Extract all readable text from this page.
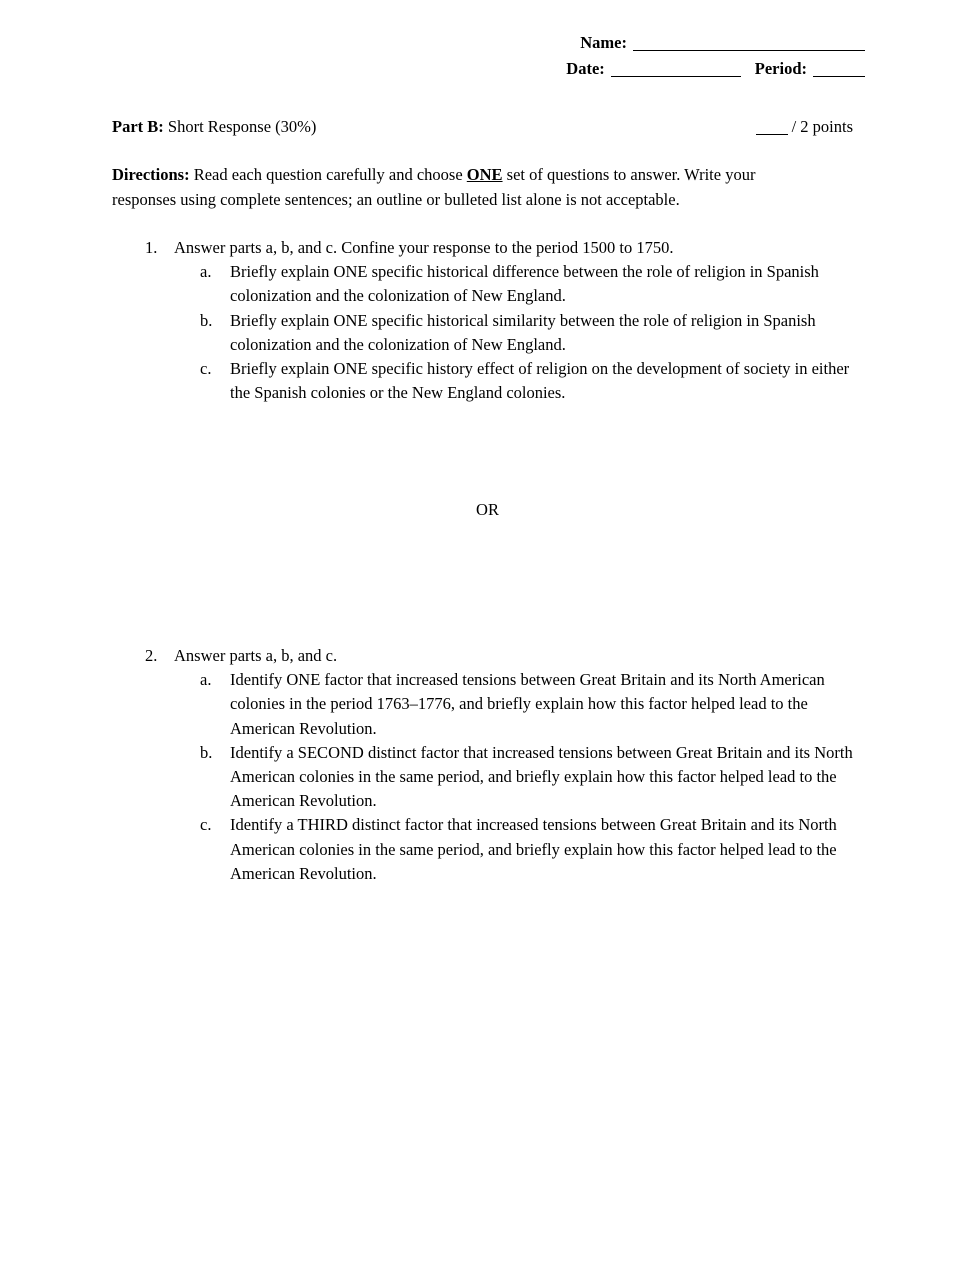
Name:
Date:	Period:
Part B: Short Response (30%)	/ 2 points
Directions: Read each question carefully and choose ONE set of questions to answer. Write your responses using complete sentences; an outline or bulleted list alone is not acceptable.
1.	Answer parts a, b, and c. Confine your response to the period 1500 to 1750.
a.	Briefly explain ONE specific historical difference between the role of religion in Spanish colonization and the colonization of New England.
b.	Briefly explain ONE specific historical similarity between the role of religion in Spanish colonization and the colonization of New England.
c.	Briefly explain ONE specific history effect of religion on the development of society in either the Spanish colonies or the New England colonies.
OR
2.	Answer parts a, b, and c.
a.	Identify ONE factor that increased tensions between Great Britain and its North American colonies in the period 1763–1776, and briefly explain how this factor helped lead to the American Revolution.
b.	Identify a SECOND distinct factor that increased tensions between Great Britain and its North American colonies in the same period, and briefly explain how this factor helped lead to the American Revolution.
c.	Identify a THIRD distinct factor that increased tensions between Great Britain and its North American colonies in the same period, and briefly explain how this factor helped lead to the American Revolution.
